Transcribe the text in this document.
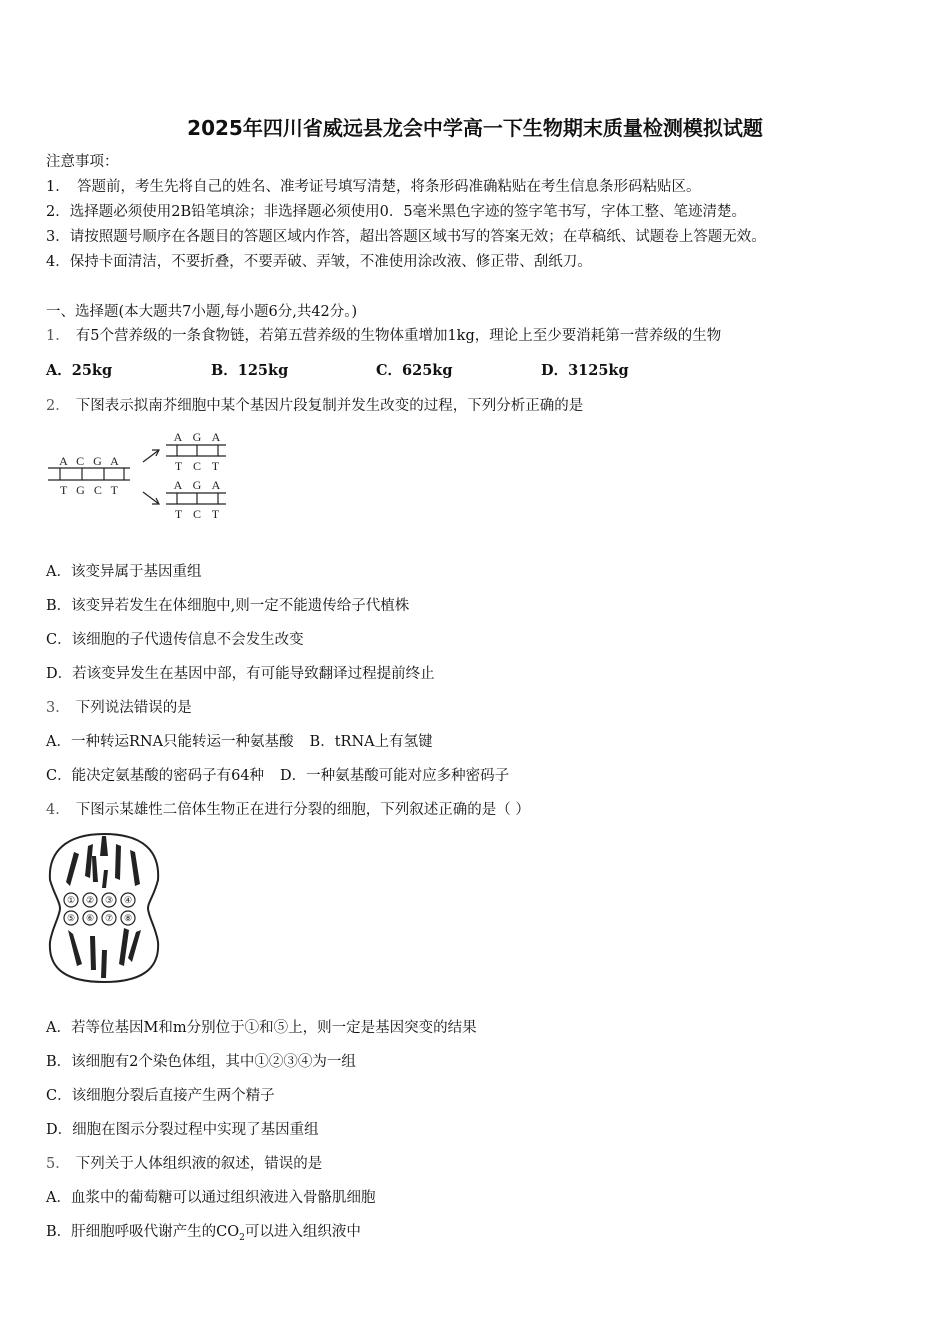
2025年四川省威远县龙会中学高一下生物期末质量检测模拟试题
注意事项：
1．　答题前，考生先将自己的姓名、准考证号填写清楚，将条形码准确粘贴在考生信息条形码粘贴区。
2．选择题必须使用2B铅笔填涂；非选择题必须使用0．5毫米黑色字迹的签字笔书写，字体工整、笔迹清楚。
3．请按照题号顺序在各题目的答题区域内作答，超出答题区域书写的答案无效；在草稿纸、试题卷上答题无效。
4．保持卡面清洁，不要折叠，不要弄破、弄皱，不准使用涂改液、修正带、刮纸刀。
一、选择题(本大题共7小题,每小题6分,共42分。)
1． 有5个营养级的一条食物链，若第五营养级的生物体重增加1kg，理论上至少要消耗第一营养级的生物
A．25kg	B．125kg	C．625kg	D．3125kg
2． 下图表示拟南芥细胞中某个基因片段复制并发生改变的过程，下列分析正确的是
A C G A
T G C T
A G A
T C T
A G A
T C T
A．该变异属于基因重组
B．该变异若发生在体细胞中,则一定不能遗传给子代植株
C．该细胞的子代遗传信息不会发生改变
D．若该变异发生在基因中部，有可能导致翻译过程提前终止
3． 下列说法错误的是
A．一种转运RNA只能转运一种氨基酸 B．tRNA上有氢键
C．能决定氨基酸的密码子有64种 D．一种氨基酸可能对应多种密码子
4． 下图示某雄性二倍体生物正在进行分裂的细胞，下列叙述正确的是（ ）
① ② ③ ④
⑤ ⑥ ⑦ ⑧
A．若等位基因M和m分别位于①和⑤上，则一定是基因突变的结果
B．该细胞有2个染色体组，其中①②③④为一组
C．该细胞分裂后直接产生两个精子
D．细胞在图示分裂过程中实现了基因重组
5． 下列关于人体组织液的叙述，错误的是
A．血浆中的葡萄糖可以通过组织液进入骨骼肌细胞
B．肝细胞呼吸代谢产生的$CO_2$可以进入组织液中
